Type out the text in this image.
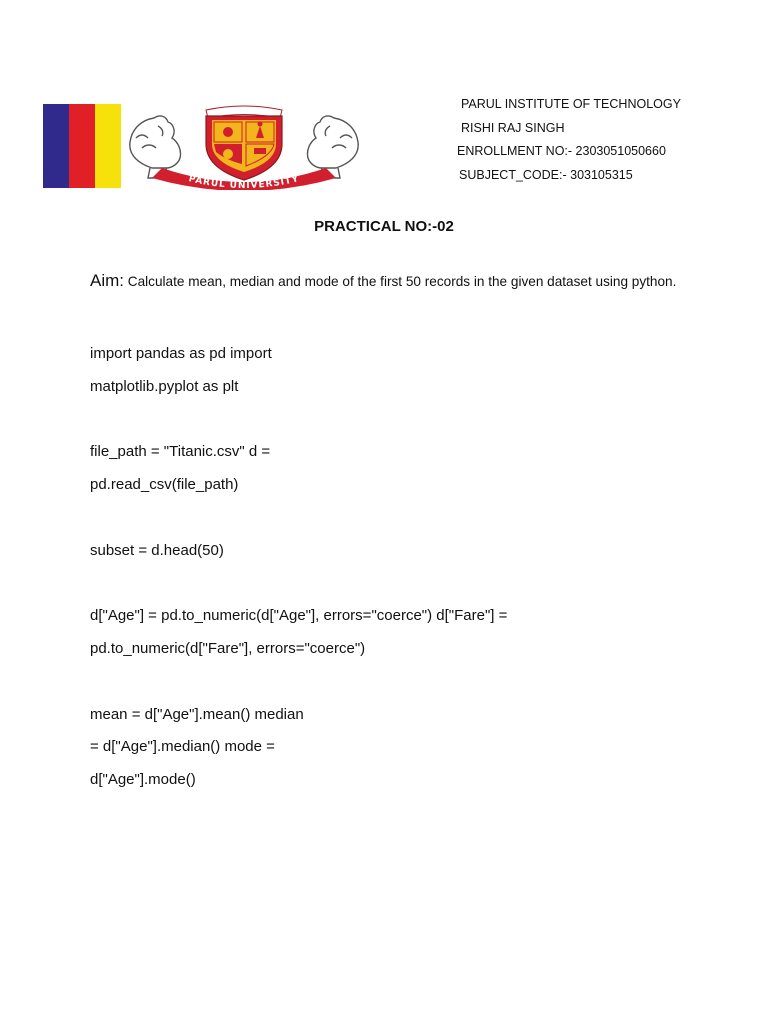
PARUL UNIVERSITY
PARUL INSTITUTE OF TECHNOLOGY
RISHI RAJ SINGH
ENROLLMENT NO:- 2303051050660
SUBJECT_CODE:- 303105315
PRACTICAL NO:-02
Aim: Calculate mean, median and mode of the first 50 records in the given dataset using python.
import pandas as pd import
matplotlib.pyplot as plt
file_path = "Titanic.csv" d =
pd.read_csv(file_path)
subset = d.head(50)
d["Age"] = pd.to_numeric(d["Age"], errors="coerce") d["Fare"] =
pd.to_numeric(d["Fare"], errors="coerce")
mean = d["Age"].mean() median
= d["Age"].median() mode =
d["Age"].mode()
